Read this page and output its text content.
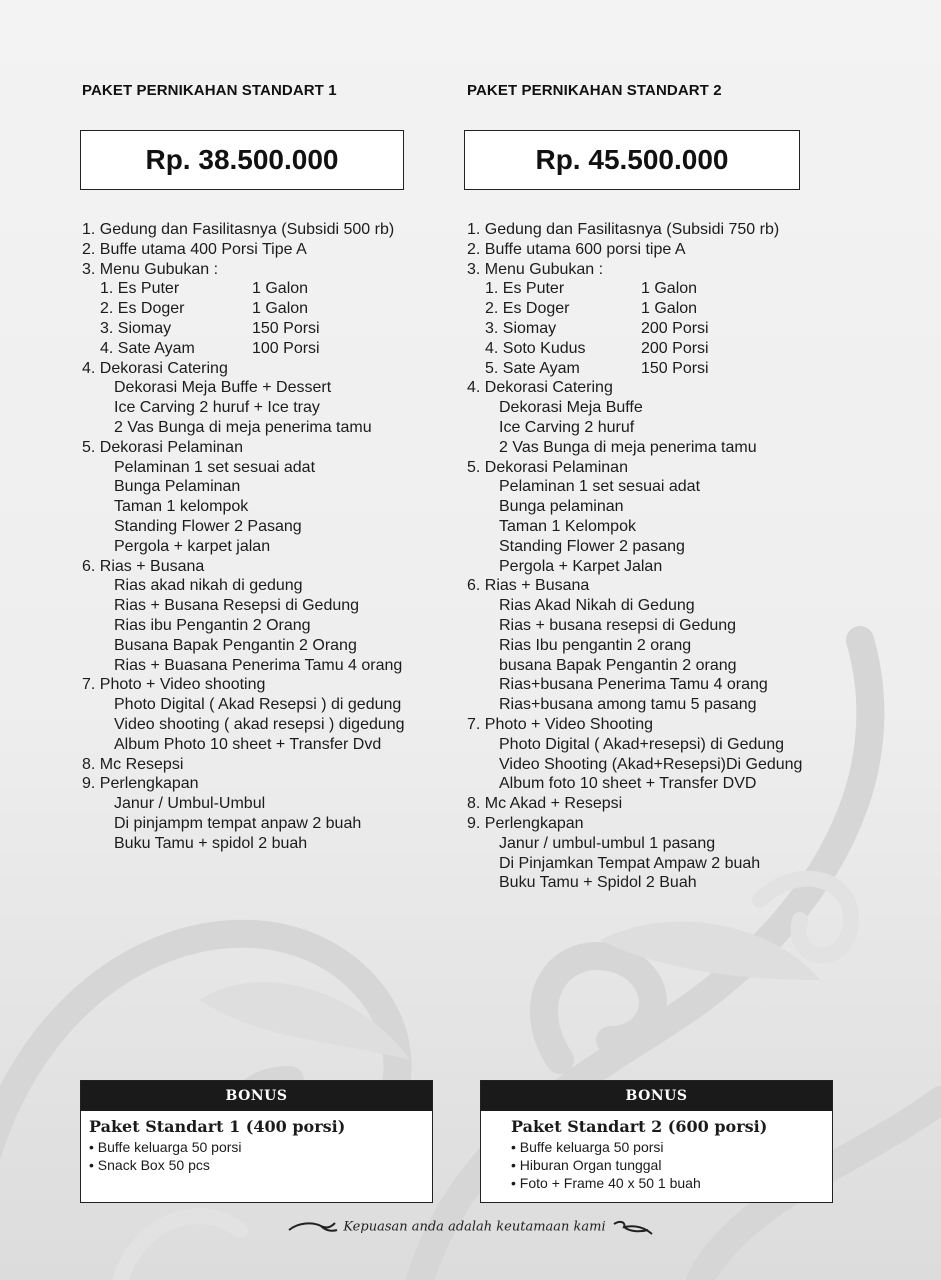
PAKET PERNIKAHAN STANDART 1
Rp. 38.500.000
1. Gedung dan Fasilitasnya (Subsidi 500 rb)
2. Buffe utama 400 Porsi Tipe A
3. Menu Gubukan :
1. Es Puter	1 Galon
2. Es Doger	1 Galon
3. Siomay	150 Porsi
4. Sate Ayam	100 Porsi
4. Dekorasi Catering
Dekorasi Meja Buffe + Dessert
Ice Carving 2 huruf + Ice tray
2 Vas Bunga di meja penerima tamu
5. Dekorasi Pelaminan
Pelaminan 1 set sesuai adat
Bunga Pelaminan
Taman 1 kelompok
Standing Flower 2 Pasang
Pergola + karpet jalan
6. Rias + Busana
Rias akad nikah di gedung
Rias + Busana Resepsi di Gedung
Rias ibu Pengantin 2 Orang
Busana Bapak Pengantin 2 Orang
Rias + Buasana Penerima Tamu 4 orang
7. Photo + Video shooting
Photo Digital ( Akad Resepsi ) di gedung
Video shooting ( akad resepsi ) digedung
Album Photo 10 sheet + Transfer Dvd
8. Mc Resepsi
9. Perlengkapan
Janur / Umbul-Umbul
Di pinjampm tempat anpaw 2 buah
Buku Tamu + spidol 2 buah
PAKET PERNIKAHAN STANDART 2
Rp. 45.500.000
1. Gedung dan Fasilitasnya (Subsidi 750 rb)
2. Buffe utama 600 porsi tipe A
3. Menu Gubukan :
1. Es Puter	1 Galon
2. Es Doger	1 Galon
3. Siomay	200 Porsi
4. Soto Kudus	200 Porsi
5. Sate Ayam	150 Porsi
4. Dekorasi Catering
Dekorasi Meja Buffe
Ice Carving 2 huruf
2 Vas Bunga di meja penerima tamu
5. Dekorasi Pelaminan
Pelaminan 1 set sesuai adat
Bunga pelaminan
Taman 1 Kelompok
Standing Flower 2 pasang
Pergola + Karpet Jalan
6. Rias + Busana
Rias Akad Nikah di Gedung
Rias + busana resepsi di Gedung
Rias Ibu pengantin 2 orang
busana Bapak Pengantin 2 orang
Rias+busana Penerima Tamu 4 orang
Rias+busana among tamu 5 pasang
7. Photo + Video Shooting
Photo Digital ( Akad+resepsi) di Gedung
Video Shooting (Akad+Resepsi)Di Gedung
Album foto 10 sheet + Transfer DVD
8. Mc Akad + Resepsi
9. Perlengkapan
Janur / umbul-umbul 1 pasang
Di Pinjamkan Tempat Ampaw 2 buah
Buku Tamu + Spidol 2 Buah
BONUS
Paket Standart 1 (400 porsi)
• Buffe keluarga 50 porsi
• Snack Box 50 pcs
BONUS
Paket Standart 2 (600 porsi)
• Buffe keluarga 50 porsi
• Hiburan Organ tunggal
• Foto + Frame 40 x 50 1 buah
Kepuasan anda adalah keutamaan kami
